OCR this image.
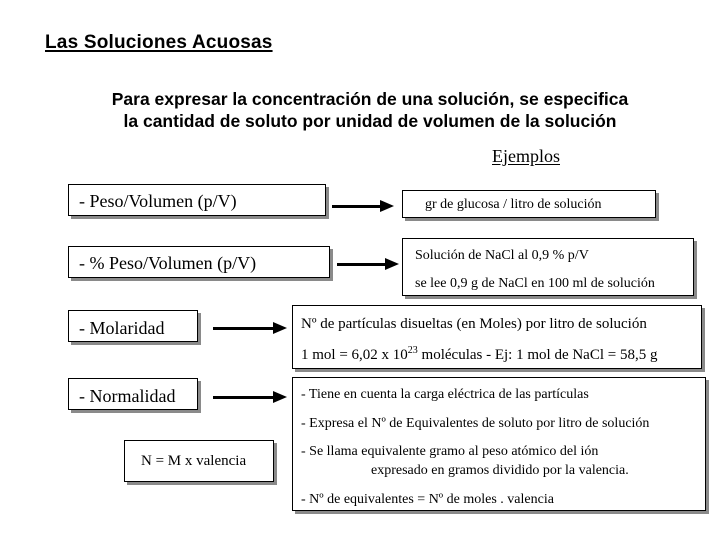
Las Soluciones Acuosas
Para expresar la concentración de una solución, se especifica
la cantidad de soluto por unidad de volumen de la solución
Ejemplos
- Peso/Volumen (p/V)	gr de glucosa / litro de solución
- % Peso/Volumen (p/V)	Solución de NaCl al 0,9 % p/V
se lee 0,9 g de NaCl en 100 ml de solución
- Molaridad	Nº de partículas disueltas (en Moles) por litro de solución
1 mol = 6,02 x $10^{23}$ moléculas - Ej: 1 mol de NaCl = 58,5 g
- Normalidad	- Tiene en cuenta la carga eléctrica de las partículas
- Expresa el Nº de Equivalentes de soluto por litro de solución
- Se llama equivalente gramo al peso atómico del ión
expresado en gramos dividido por la valencia.
- Nº de equivalentes = Nº de moles . valencia
N = M x valencia
